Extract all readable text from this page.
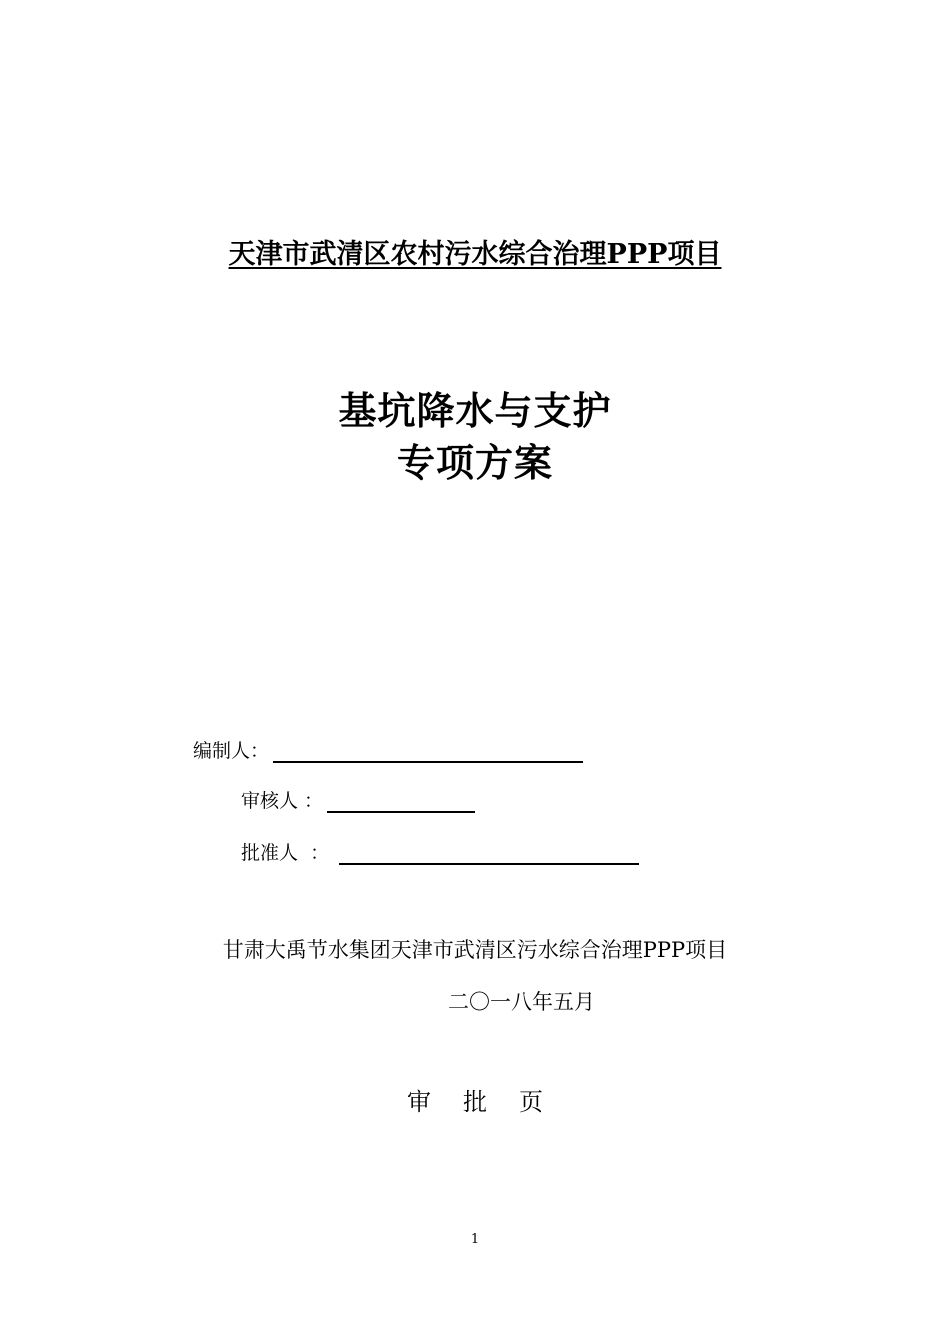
天津市武清区农村污水综合治理PPP项目
基坑降水与支护
专项方案
编制人：
审核人 ：
批准人  ：
甘肃大禹节水集团天津市武清区污水综合治理PPP项目
二〇一八年五月
审批页
1
